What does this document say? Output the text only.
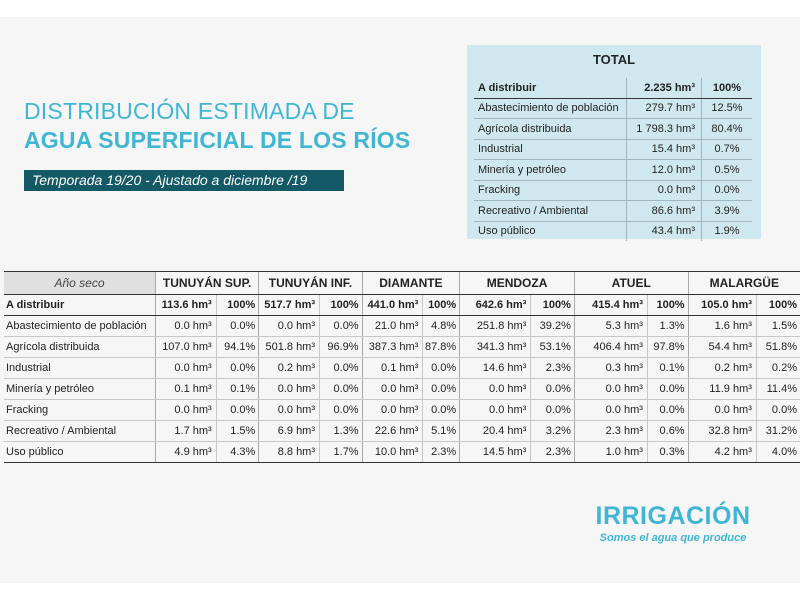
DISTRIBUCIÓN ESTIMADA DE
AGUA SUPERFICIAL DE LOS RÍOS
Temporada 19/20 - Ajustado a diciembre /19
TOTAL
A distribuir	2.235 hm³	100%
Abastecimiento de población	279.7 hm³	12.5%
Agrícola distribuida	1 798.3 hm³	80.4%
Industrial	15.4 hm³	0.7%
Minería y petróleo	12.0 hm³	0.5%
Fracking	0.0 hm³	0.0%
Recreativo / Ambiental	86.6 hm³	3.9%
Uso público	43.4 hm³	1.9%
Año seco	TUNUYÁN SUP.		TUNUYÁN INF.		DIAMANTE		MENDOZA		ATUEL		MALARGÜE	
A distribuir	113.6 hm³	100%	517.7 hm³	100%	441.0 hm³	100%	642.6 hm³	100%	415.4 hm³	100%	105.0 hm³	100%
Abastecimiento de población	0.0 hm³	0.0%	0.0 hm³	0.0%	21.0 hm³	4.8%	251.8 hm³	39.2%	5.3 hm³	1.3%	1.6 hm³	1.5%
Agrícola distribuida	107.0 hm³	94.1%	501.8 hm³	96.9%	387.3 hm³	87.8%	341.3 hm³	53.1%	406.4 hm³	97.8%	54.4 hm³	51.8%
Industrial	0.0 hm³	0.0%	0.2 hm³	0.0%	0.1 hm³	0.0%	14.6 hm³	2.3%	0.3 hm³	0.1%	0.2 hm³	0.2%
Minería y petróleo	0.1 hm³	0.1%	0.0 hm³	0.0%	0.0 hm³	0.0%	0.0 hm³	0.0%	0.0 hm³	0.0%	11.9 hm³	11.4%
Fracking	0.0 hm³	0.0%	0.0 hm³	0.0%	0.0 hm³	0.0%	0.0 hm³	0.0%	0.0 hm³	0.0%	0.0 hm³	0.0%
Recreativo / Ambiental	1.7 hm³	1.5%	6.9 hm³	1.3%	22.6 hm³	5.1%	20.4 hm³	3.2%	2.3 hm³	0.6%	32.8 hm³	31.2%
Uso público	4.9 hm³	4.3%	8.8 hm³	1.7%	10.0 hm³	2.3%	14.5 hm³	2.3%	1.0 hm³	0.3%	4.2 hm³	4.0%
IRRIGACIÓN
Somos el agua que produce
